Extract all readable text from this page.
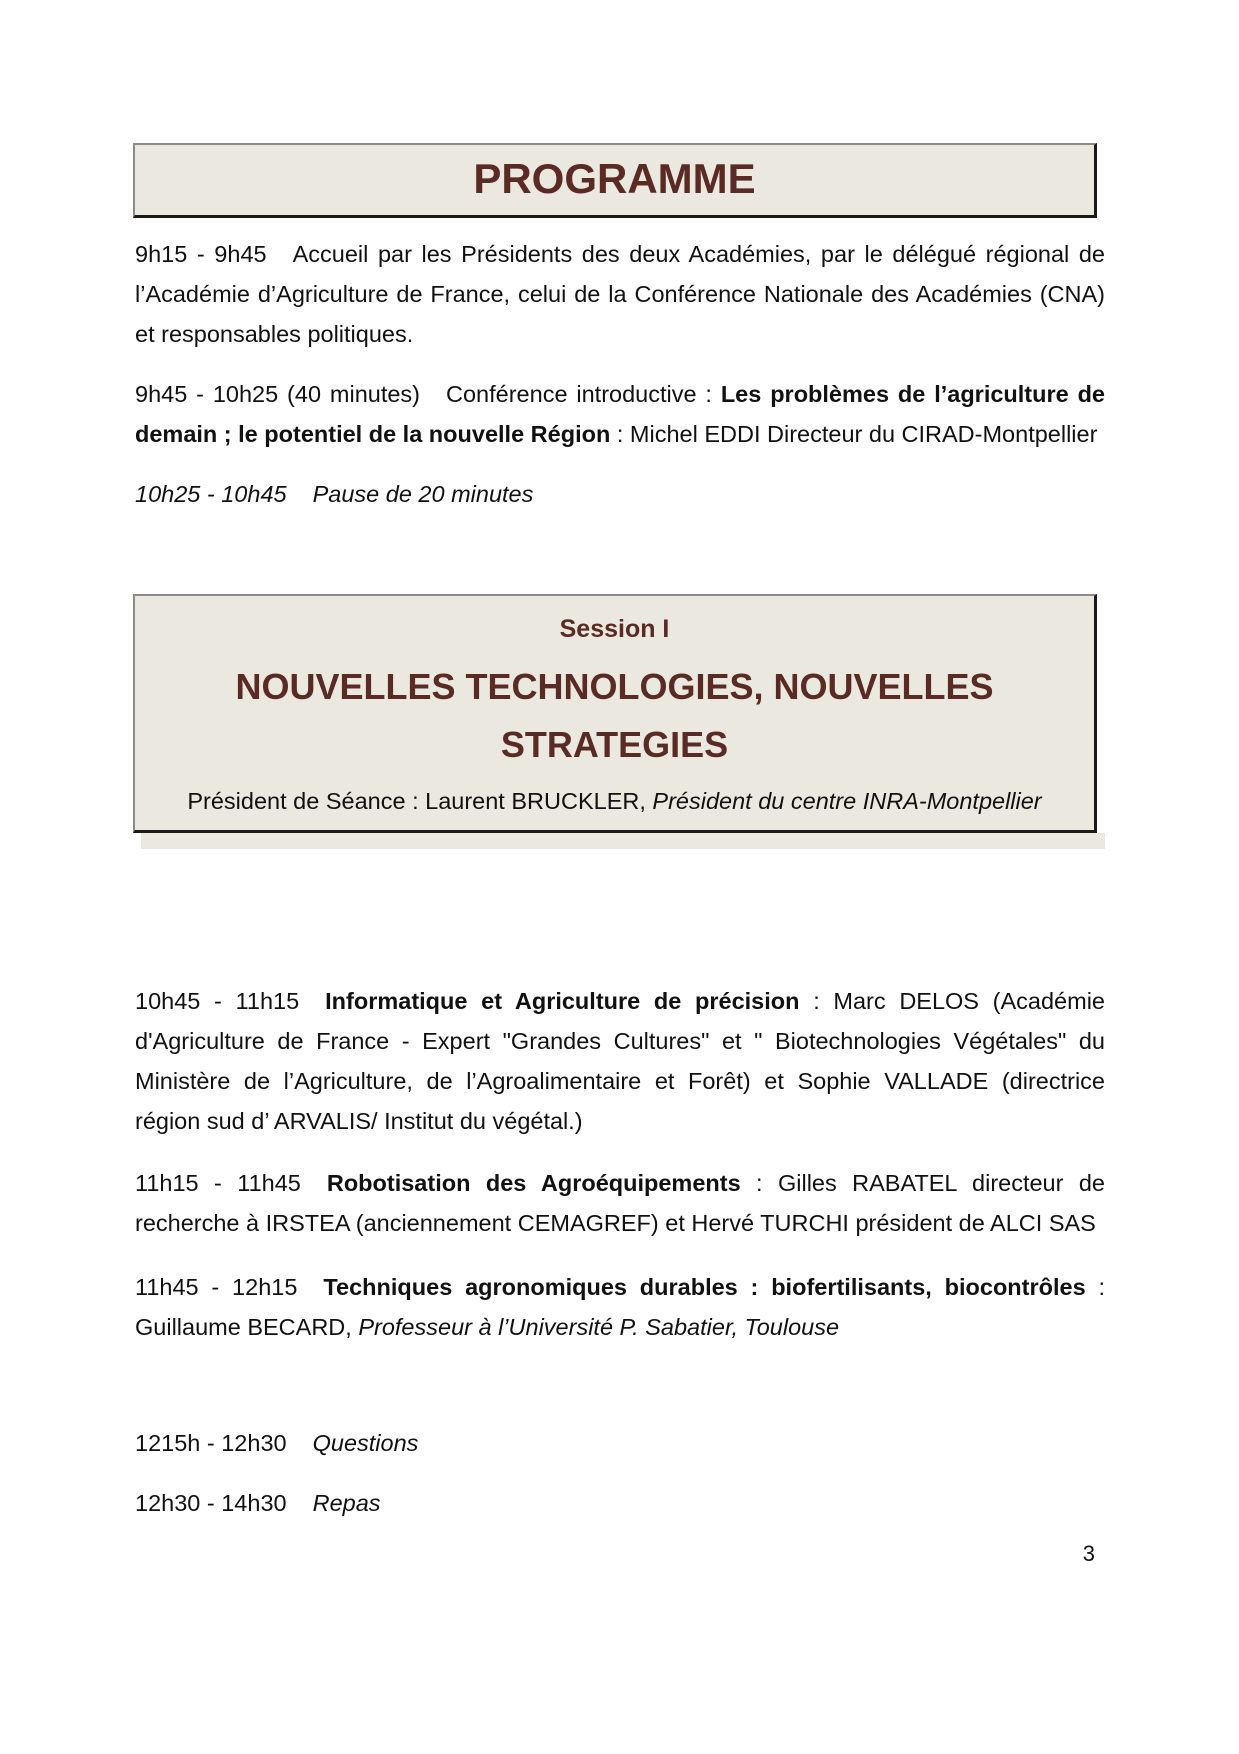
PROGRAMME

9h15 - 9h45 Accueil par les Présidents des deux Académies, par le délégué régional de l’Académie d’Agriculture de France, celui de la Conférence Nationale des Académies (CNA) et responsables politiques.

9h45 - 10h25 (40 minutes) Conférence introductive : Les problèmes de l’agriculture de demain ; le potentiel de la nouvelle Région : Michel EDDI Directeur du CIRAD-Montpellier

10h25 - 10h45 Pause de 20 minutes

Session I
NOUVELLES TECHNOLOGIES, NOUVELLES STRATEGIES
Président de Séance : Laurent BRUCKLER, Président du centre INRA-Montpellier

10h45 - 11h15 Informatique et Agriculture de précision : Marc DELOS (Académie d'Agriculture de France - Expert "Grandes Cultures" et " Biotechnologies Végétales" du Ministère de l’Agriculture, de l’Agroalimentaire et Forêt) et Sophie VALLADE (directrice région sud d’ ARVALIS/ Institut du végétal.)

11h15 - 11h45 Robotisation des Agroéquipements : Gilles RABATEL directeur de recherche à IRSTEA (anciennement CEMAGREF) et Hervé TURCHI président de ALCI SAS

11h45 - 12h15 Techniques agronomiques durables : biofertilisants, biocontrôles : Guillaume BECARD, Professeur à l’Université P. Sabatier, Toulouse

1215h - 12h30 Questions

12h30 - 14h30 Repas

3
